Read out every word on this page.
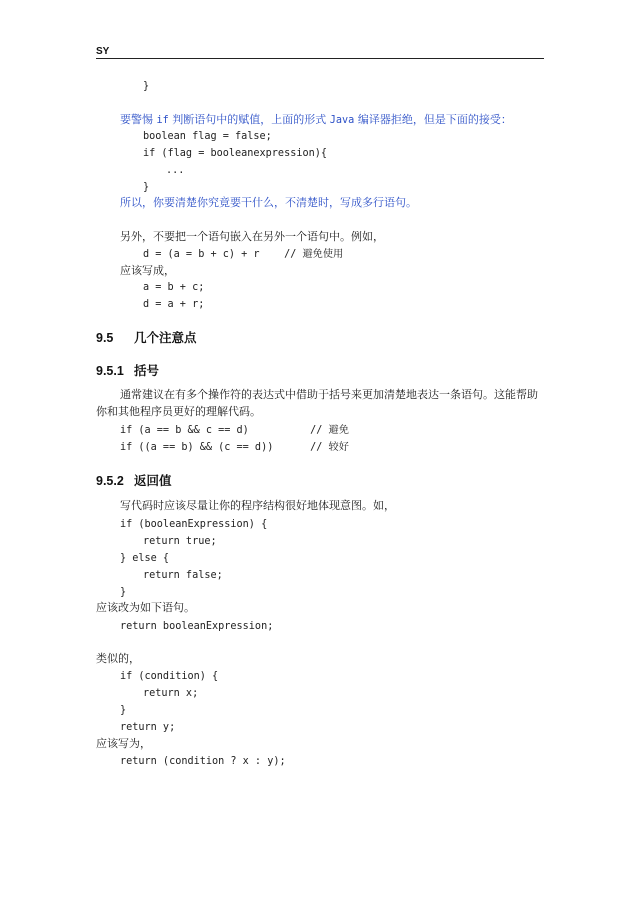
SY
}
要警惕 if 判断语句中的赋值，上面的形式 Java 编译器拒绝，但是下面的接受：
boolean flag = false;
if (flag = booleanexpression){
...
}
所以，你要清楚你究竟要干什么，不清楚时，写成多行语句。
另外，不要把一个语句嵌入在另外一个语句中。例如，
d = (a = b + c) + r    // 避免使用
应该写成，
a = b + c;
d = a + r;
9.5 几个注意点
9.5.1 括号
通常建议在有多个操作符的表达式中借助于括号来更加清楚地表达一条语句。这能帮助
你和其他程序员更好的理解代码。
if (a == b && c == d)          // 避免
if ((a == b) && (c == d))      // 较好
9.5.2 返回值
写代码时应该尽量让你的程序结构很好地体现意图。如，
if (booleanExpression) {
return true;
} else {
return false;
}
应该改为如下语句。
return booleanExpression;
类似的，
if (condition) {
return x;
}
return y;
应该写为，
return (condition ? x : y);
